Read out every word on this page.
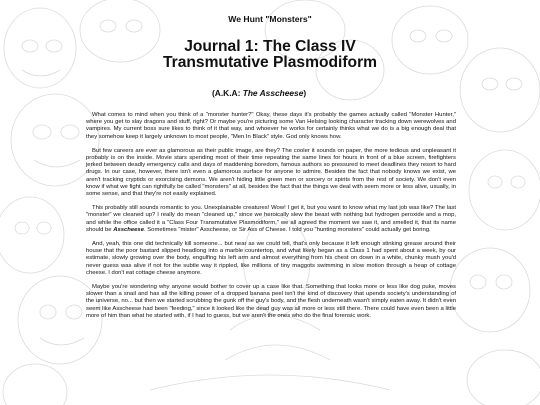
We Hunt "Monsters"
Journal 1: The Class IV Transmutative Plasmodiform
(A.K.A: The Asscheese)

What comes to mind when you think of a "monster hunter?" Okay, these days it's probably the games actually called "Monster Hunter," where you get to slay dragons and stuff, right? Or maybe you're picturing some Van Helsing looking character tracking down werewolves and vampires. My current boss sure likes to think of it that way, and whoever he works for certainly thinks what we do is a big enough deal that they somehow keep it largely unknown to most people, "Men In Black" style. God only knows how.

But few careers are ever as glamorous as their public image, are they? The cooler it sounds on paper, the more tedious and unpleasant it probably is on the inside. Movie stars spending most of their time repeating the same lines for hours in front of a blue screen, firefighters jerked between deadly emergency calls and days of maddening boredom, famous authors so pressured to meet deadlines they resort to hard drugs. In our case, however, there isn't even a glamorous surface for anyone to admire. Besides the fact that nobody knows we exist, we aren't tracking cryptids or exorcising demons. We aren't hiding little green men or sorcery or spirits from the rest of society. We don't even know if what we fight can rightfully be called "monsters" at all, besides the fact that the things we deal with seem more or less alive, usually, in some sense, and that they're not easily explained.

This probably still sounds romantic to you. Unexplainable creatures! Wow! I get it, but you want to know what my last job was like? The last "monster" we cleaned up? I really do mean "cleaned up," since we heroically slew the beast with nothing but hydrogen peroxide and a mop, and while the office called it a "Class Four Transmutative Plasmodiform," we all agreed the moment we saw it, and smelled it, that its name should be Asscheese. Sometimes "mister" Asscheese, or Sir Ass of Cheese. I told you "hunting monsters" could actually get boring.

And, yeah, this one did technically kill someone... but near as we could tell, that's only because it left enough stinking grease around their house that the poor bastard slipped headlong into a marble countertop, and what likely began as a Class 1 had spent about a week, by our estimate, slowly growing over the body, engulfing his left arm and almost everything from his chest on down in a white, chunky mush you'd never guess was alive if not for the subtle way it rippled, like millions of tiny maggots swimming in slow motion through a heap of cottage cheese. I don't eat cottage cheese anymore.

Maybe you're wondering why anyone would bother to cover up a case like that. Something that looks more or less like dog puke, moves slower than a snail and has all the killing power of a dropped banana peel isn't the kind of discovery that upends society's understanding of the universe, no... but then we started scrubbing the gunk off the guy's body, and the flesh underneath wasn't simply eaten away. It didn't even seem like Asscheese had been "feeding," since it looked like the dead guy was all more or less still there. There could have even been a little more of him than what he started with, if I had to guess, but we aren't the ones who do the final forensic work.
